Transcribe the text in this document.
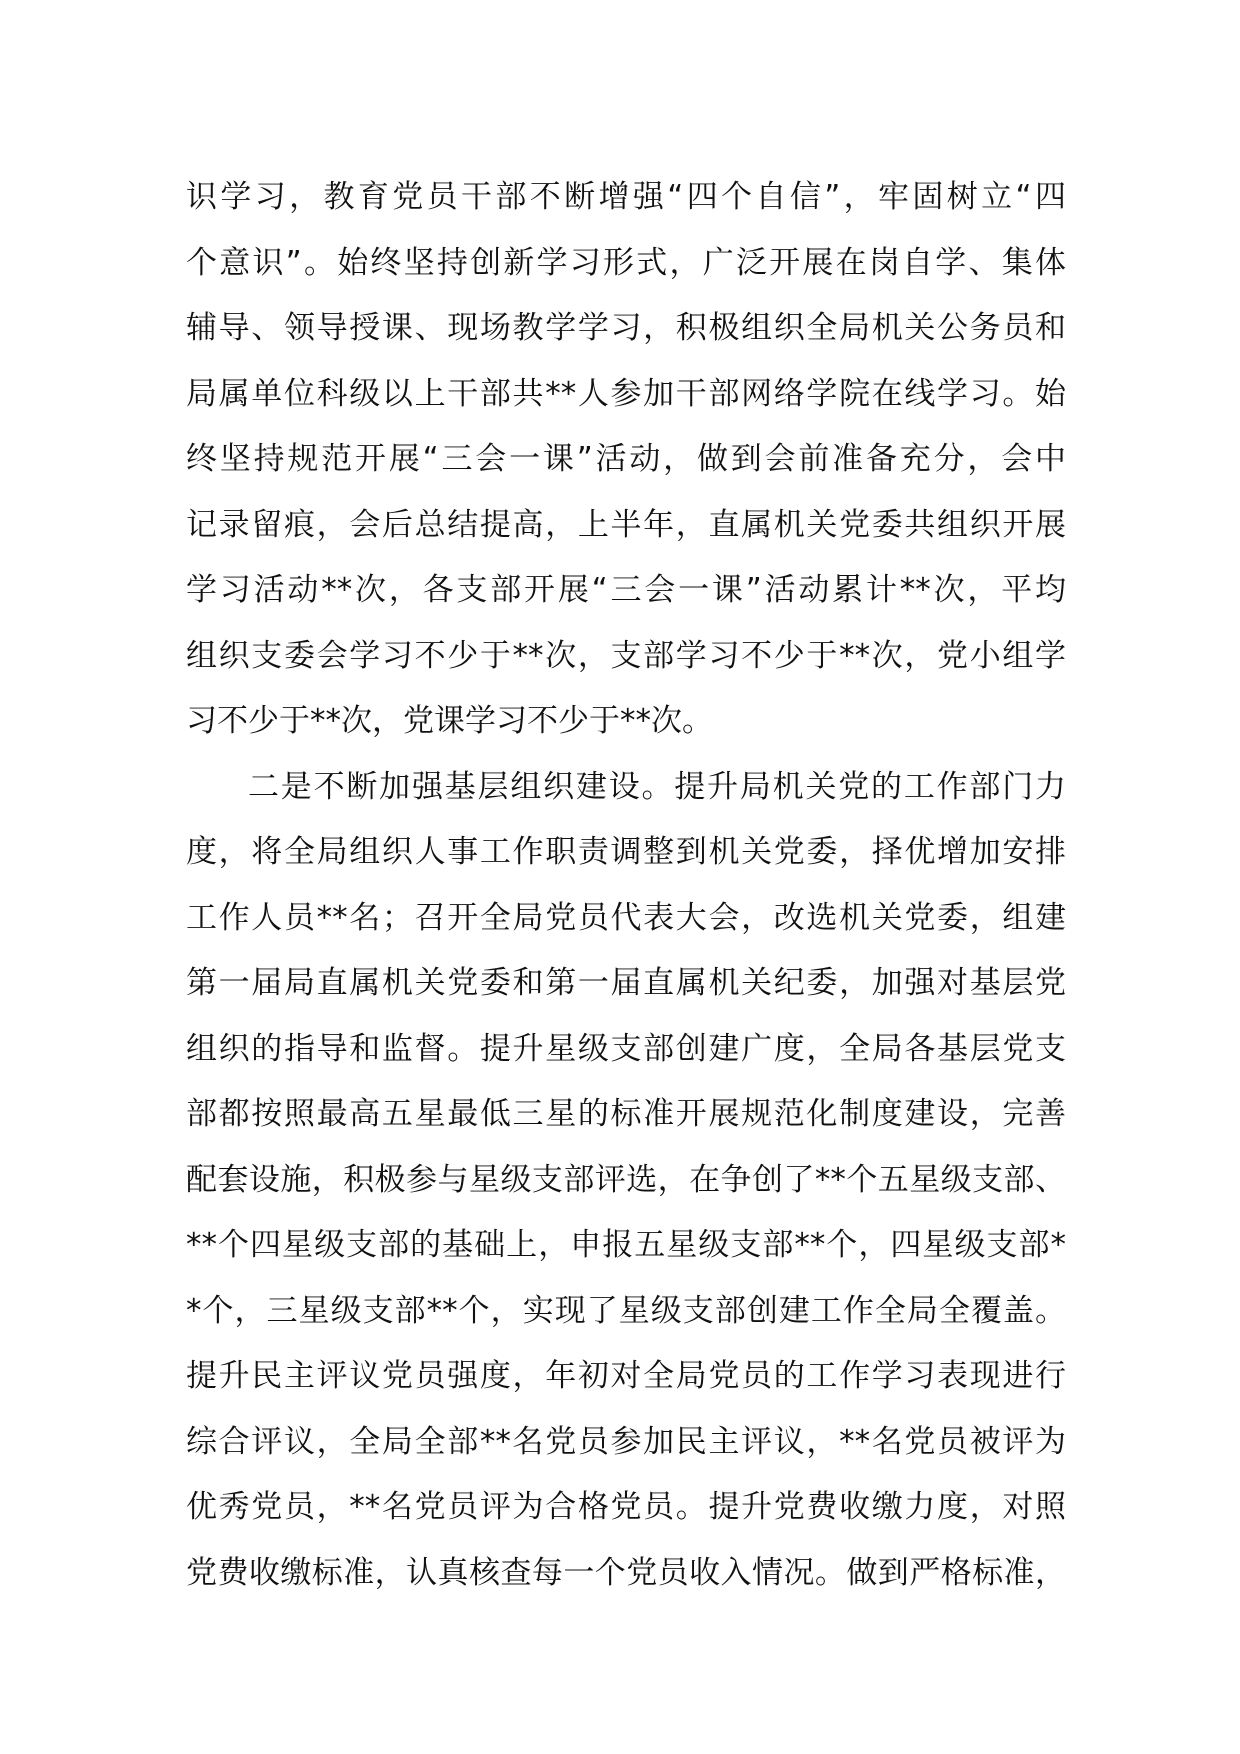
识学习，教育党员干部不断增强“四个自信”，牢固树立“四
个意识”。始终坚持创新学习形式，广泛开展在岗自学、集体
辅导、领导授课、现场教学学习，积极组织全局机关公务员和
局属单位科级以上干部共**人参加干部网络学院在线学习。始
终坚持规范开展“三会一课”活动，做到会前准备充分，会中
记录留痕，会后总结提高，上半年，直属机关党委共组织开展
学习活动**次，各支部开展“三会一课”活动累计**次，平均
组织支委会学习不少于**次，支部学习不少于**次，党小组学
习不少于**次，党课学习不少于**次。
二是不断加强基层组织建设。提升局机关党的工作部门力
度，将全局组织人事工作职责调整到机关党委，择优增加安排
工作人员**名；召开全局党员代表大会，改选机关党委，组建
第一届局直属机关党委和第一届直属机关纪委，加强对基层党
组织的指导和监督。提升星级支部创建广度，全局各基层党支
部都按照最高五星最低三星的标准开展规范化制度建设，完善
配套设施，积极参与星级支部评选，在争创了**个五星级支部、
**个四星级支部的基础上，申报五星级支部**个，四星级支部*
*个，三星级支部**个，实现了星级支部创建工作全局全覆盖。
提升民主评议党员强度，年初对全局党员的工作学习表现进行
综合评议，全局全部**名党员参加民主评议，**名党员被评为
优秀党员，**名党员评为合格党员。提升党费收缴力度，对照
党费收缴标准，认真核查每一个党员收入情况。做到严格标准，
